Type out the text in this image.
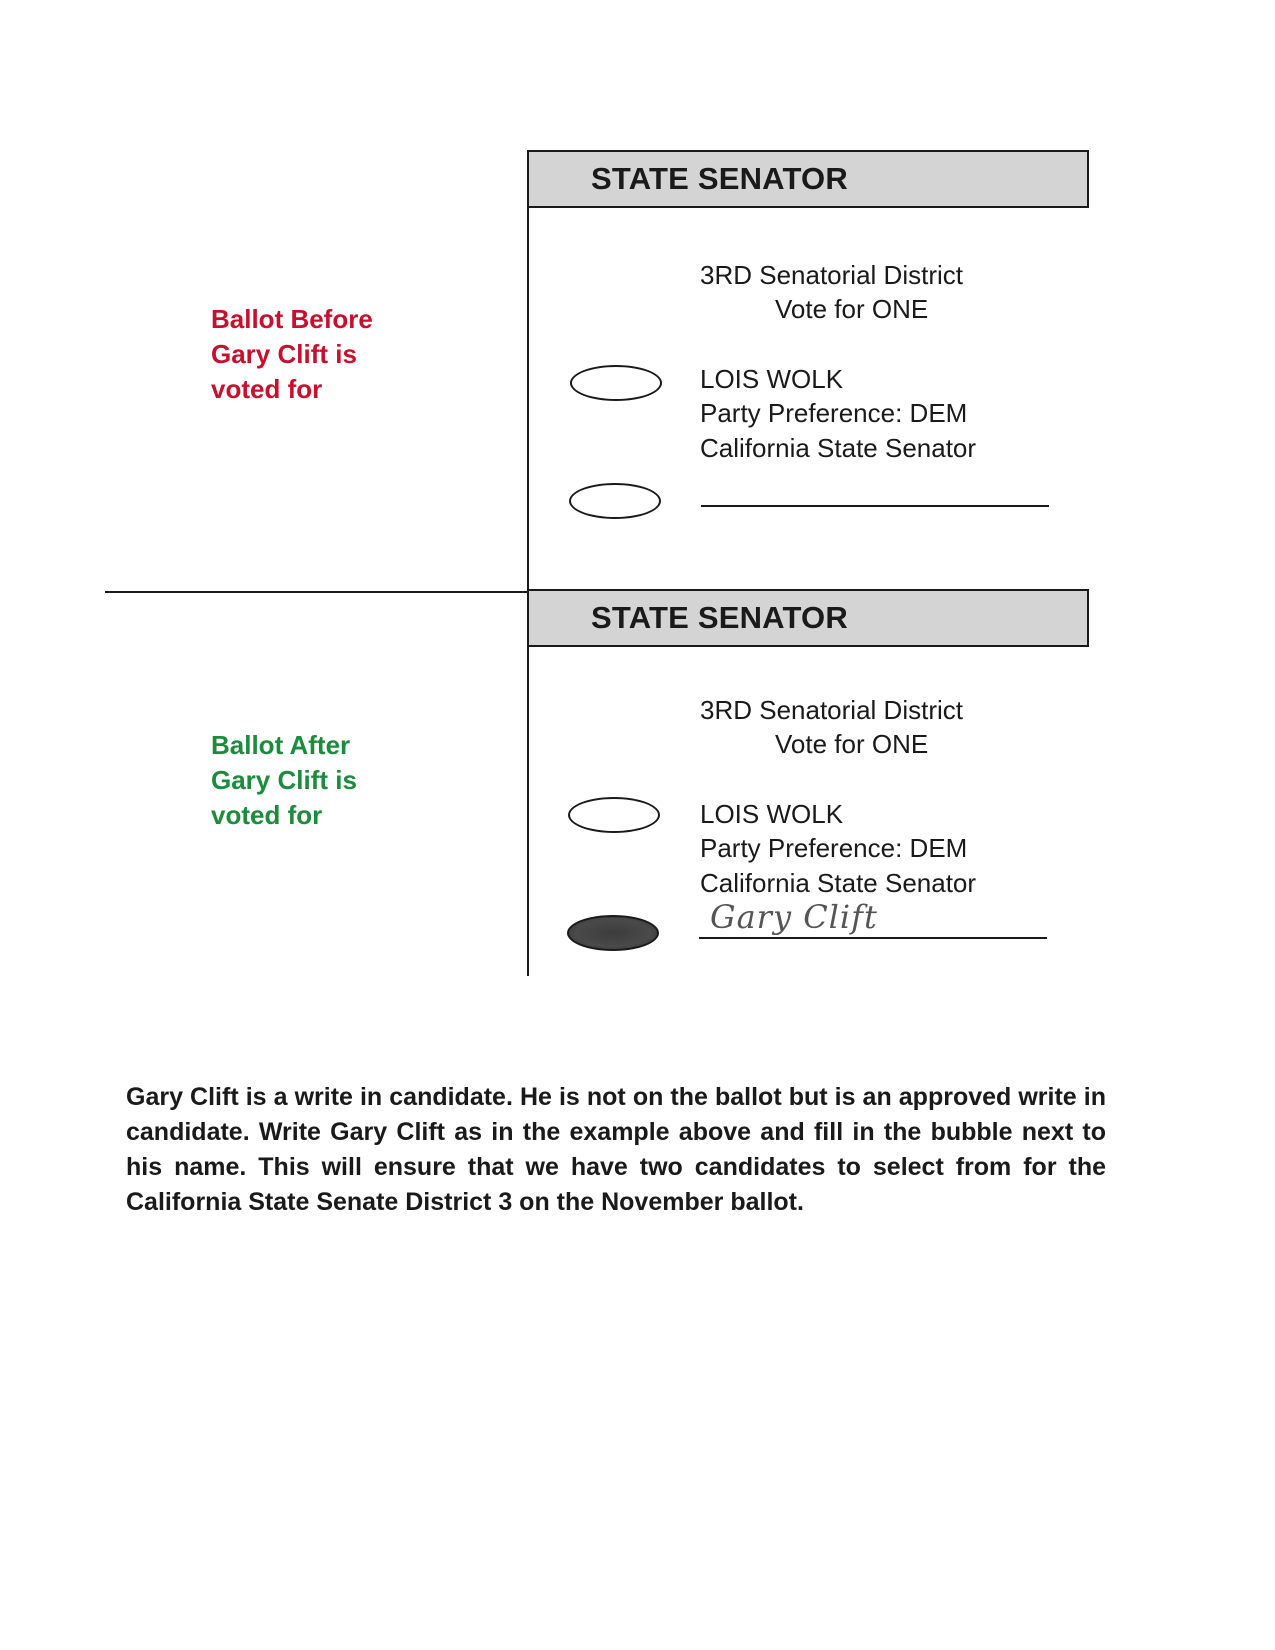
Ballot Before
Gary Clift is
voted for
STATE SENATOR
3RD Senatorial District
Vote for ONE
LOIS WOLK
Party Preference: DEM
California State Senator
Ballot After
Gary Clift is
voted for
STATE SENATOR
3RD Senatorial District
Vote for ONE
LOIS WOLK
Party Preference: DEM
California State Senator
Gary Clift
Gary Clift is a write in candidate. He is not on the ballot but is an approved write in candidate. Write Gary Clift as in the example above and fill in the bubble next to his name. This will ensure that we have two candidates to select from for the California State Senate District 3 on the November ballot.
